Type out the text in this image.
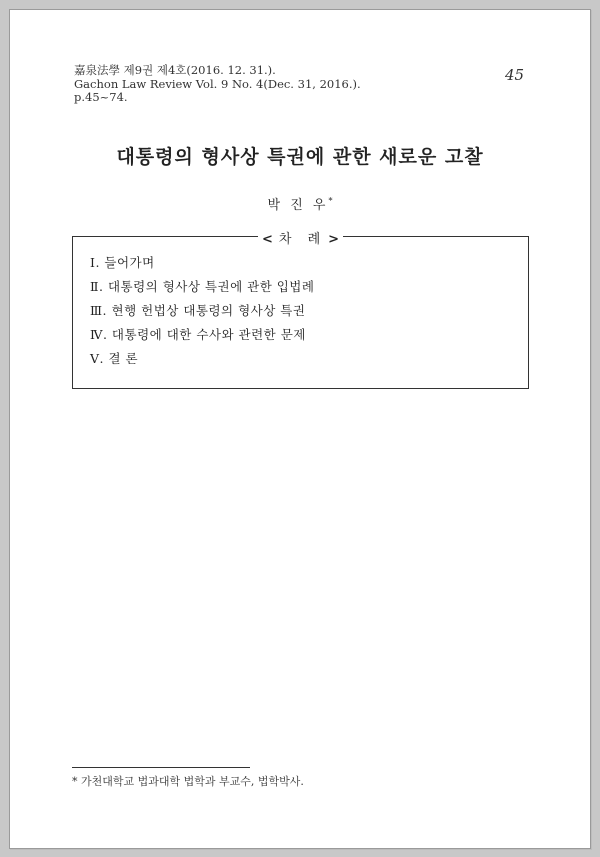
嘉泉法學 제9권 제4호(2016. 12. 31.).
Gachon Law Review Vol. 9 No. 4(Dec. 31, 2016.).
p.45~74.
45
대통령의 형사상 특권에 관한 새로운 고찰
박 진 우*
< 차 례 >
Ⅰ. 들어가며
Ⅱ. 대통령의 형사상 특권에 관한 입법례
Ⅲ. 현행 헌법상 대통령의 형사상 특권
Ⅳ. 대통령에 대한 수사와 관련한 문제
Ⅴ. 결 론
* 가천대학교 법과대학 법학과 부교수, 법학박사.
